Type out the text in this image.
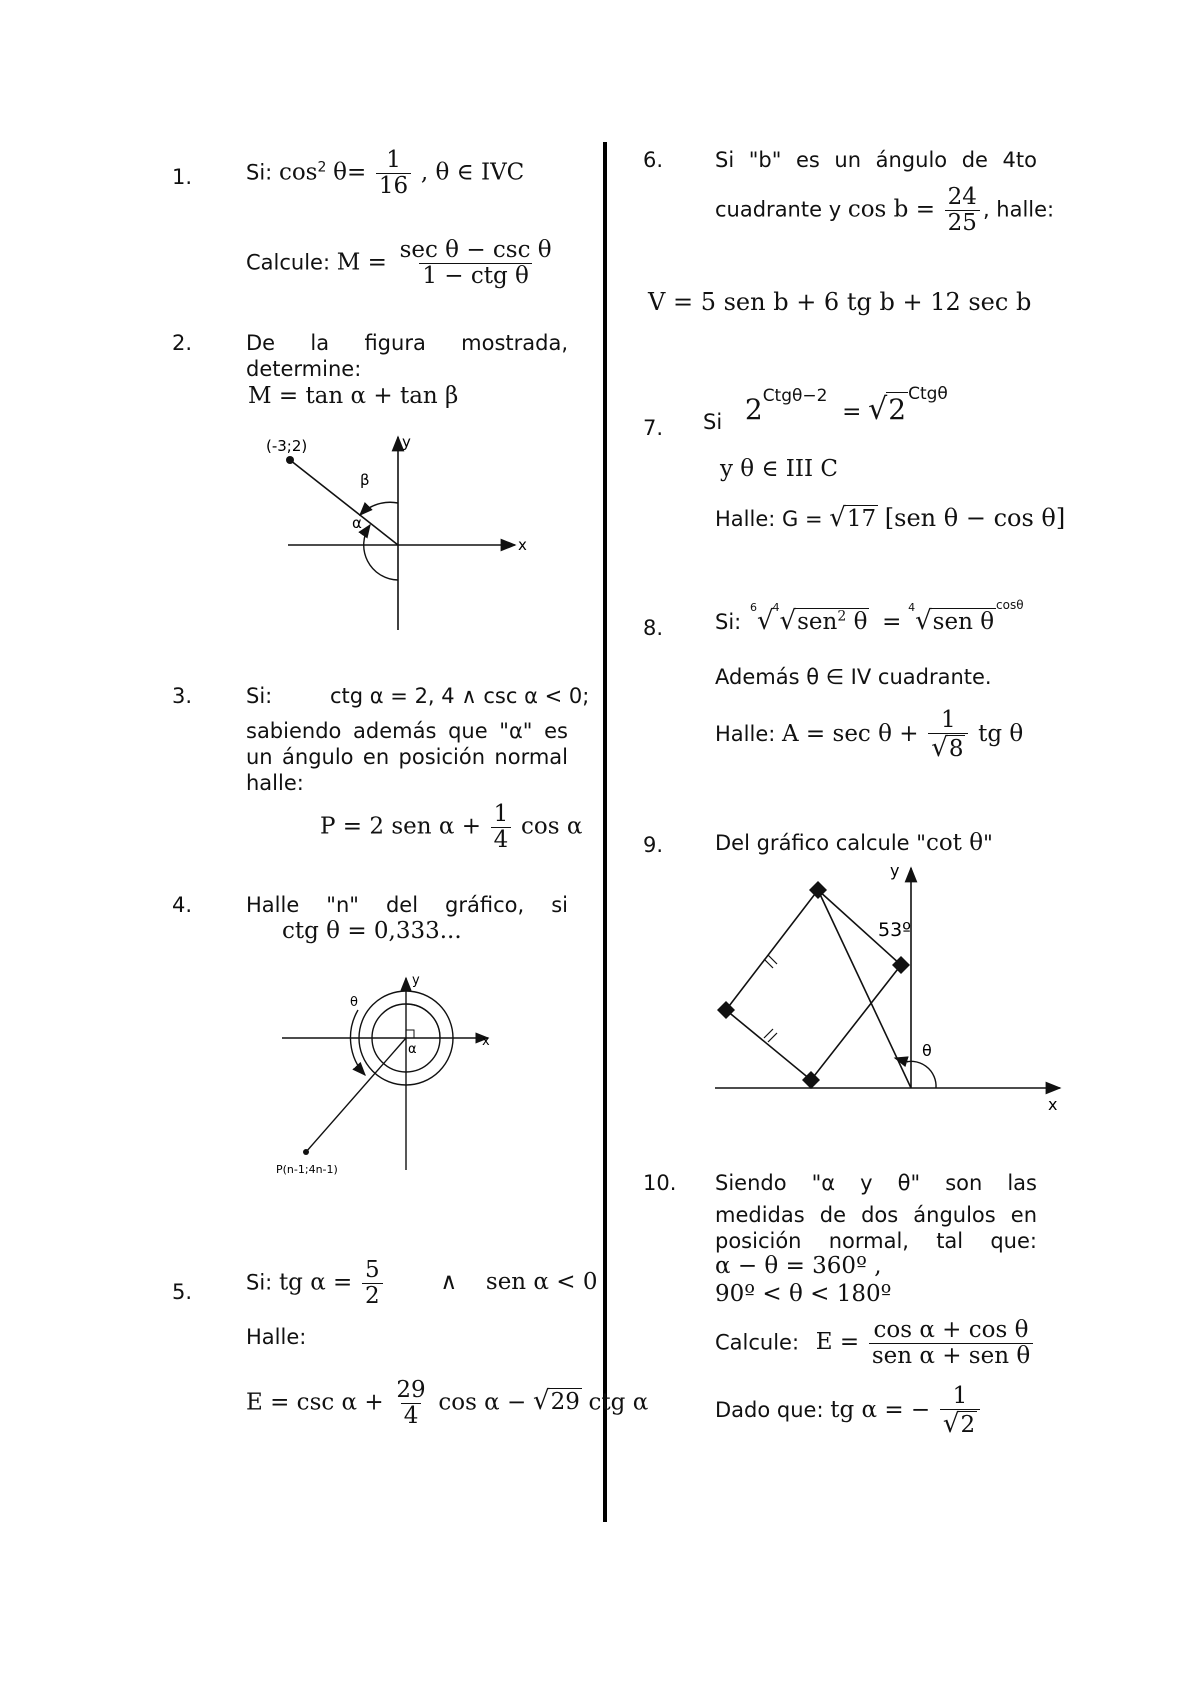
1.	Si: $\cos^2 \theta= \frac{1}{16}$ , θ ∈ IVC
Calcule: $M = \frac{\text{sec θ − csc θ}}{\text{1 − ctg θ}}$
2.	De la figura mostrada,
determine:
M = tan α + tan β
(-3;2)	y
x
β
α
3.	Si:	ctg α = 2, 4 ∧ csc α < 0;
sabiendo además que "α" es
un ángulo en posición normal
halle:
P = 2 sen $\alpha + \frac{1}{4}$ cos α
4.	Halle "n" del gráfico, si
ctg θ = 0,333...
y
x
θ
α
P(n-1;4n-1)
5.	Si: tg $\alpha = \frac{5}{2}$	∧ sen α < 0
Halle:
$E = \csc \alpha + \frac{29}{4}$ cos α − √29 ctg α
6. Si "b" es un ángulo de 4to
cuadrante y $\cos b = \frac{24}{25}$ , halle:
V = 5 sen b + 6 tg b + 12 sec b
7. Si $2^{Ctg\theta-2} = √2$ $^{Ctg\theta}$
y θ ∈ III C
Halle: G = √17 [sen θ − cos θ]
8. Si: $^6$√$^4$√sen$^2$ θ = $^4$√sen $\theta^{cos\theta}$
Además θ ∈ IV cuadrante.
Halle: $A = \sec \theta + \frac{1}{√8}$ tg θ
9. Del gráfico calcule "cot θ"
y
x
53º
θ
10. Siendo "α y θ" son las
medidas de dos ángulos en
posición normal, tal que:
α − θ = 360º ,
90º < θ < 180º
Calcule: $E = \frac{\text{cos α + cos θ}}{\text{sen α + sen θ}}$
Dado que: tg α = − $\frac{1}{√2}$
